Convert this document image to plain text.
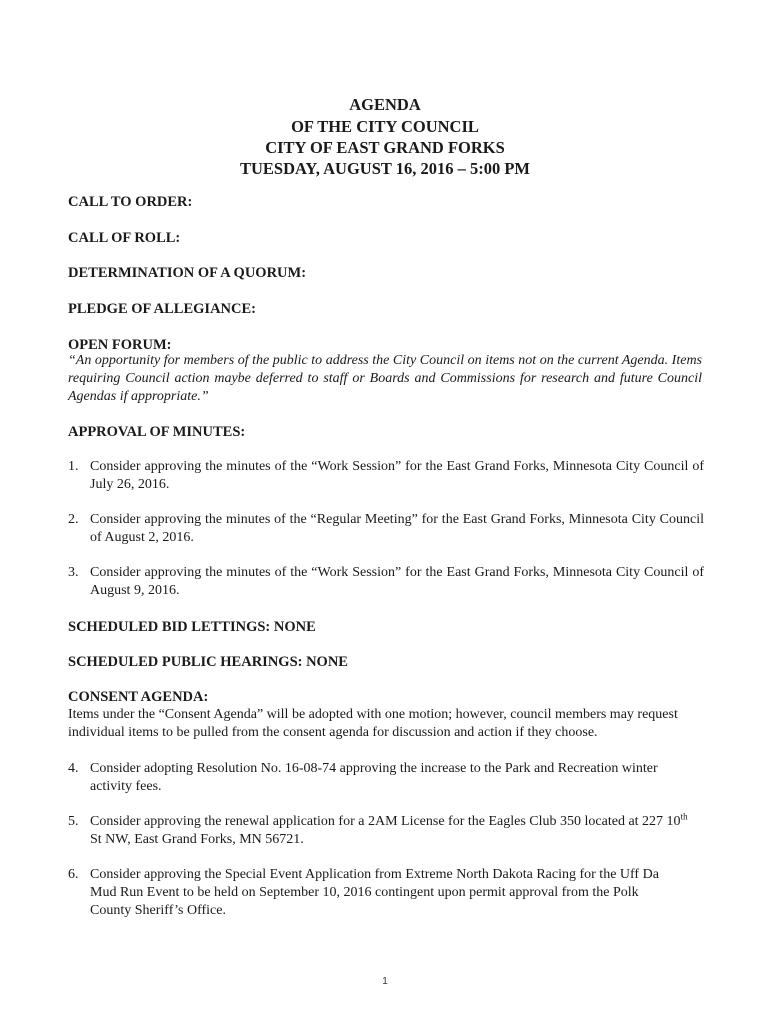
AGENDA
OF THE CITY COUNCIL
CITY OF EAST GRAND FORKS
TUESDAY, AUGUST 16, 2016 – 5:00 PM
CALL TO ORDER:
CALL OF ROLL:
DETERMINATION OF A QUORUM:
PLEDGE OF ALLEGIANCE:
OPEN FORUM:
“An opportunity for members of the public to address the City Council on items not on the current Agenda. Items requiring Council action maybe deferred to staff or Boards and Commissions for research and future Council Agendas if appropriate.”
APPROVAL OF MINUTES:
1. Consider approving the minutes of the “Work Session” for the East Grand Forks, Minnesota City Council of July 26, 2016.
2. Consider approving the minutes of the “Regular Meeting” for the East Grand Forks, Minnesota City Council of August 2, 2016.
3. Consider approving the minutes of the “Work Session” for the East Grand Forks, Minnesota City Council of August 9, 2016.
SCHEDULED BID LETTINGS: NONE
SCHEDULED PUBLIC HEARINGS: NONE
CONSENT AGENDA:
Items under the “Consent Agenda” will be adopted with one motion; however, council members may request individual items to be pulled from the consent agenda for discussion and action if they choose.
4. Consider adopting Resolution No. 16-08-74 approving the increase to the Park and Recreation winter activity fees.
5. Consider approving the renewal application for a 2AM License for the Eagles Club 350 located at 227 10th St NW, East Grand Forks, MN 56721.
6. Consider approving the Special Event Application from Extreme North Dakota Racing for the Uff Da Mud Run Event to be held on September 10, 2016 contingent upon permit approval from the Polk County Sheriff’s Office.
1
